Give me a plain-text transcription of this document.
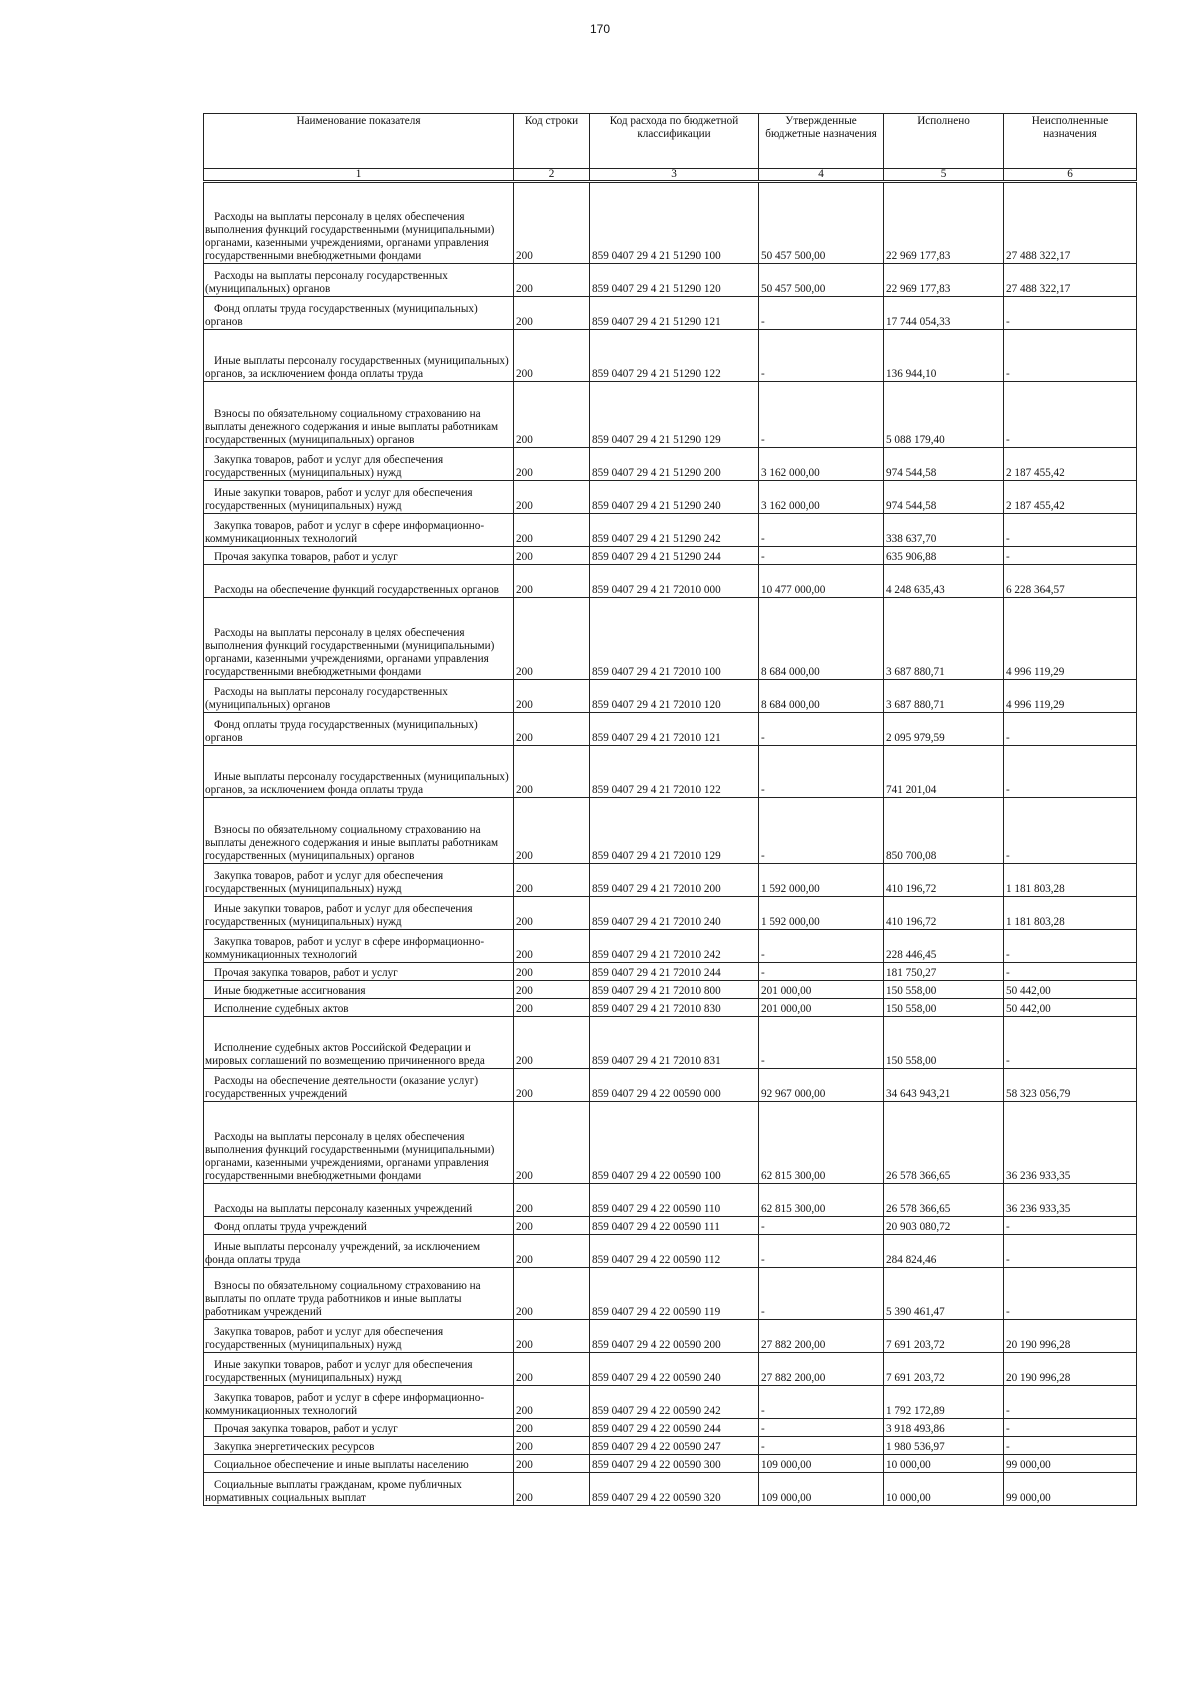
170
Наименование показателя	Код строки	Код расхода по бюджетной классификации	Утвержденные бюджетные назначения	Исполнено	Неисполненные назначения
1	2	3	4	5	6
Расходы на выплаты персоналу в целях обеспечения выполнения функций государственными (муниципальными) органами, казенными учреждениями, органами управления государственными внебюджетными фондами	200	859 0407 29 4 21 51290 100	50 457 500,00	22 969 177,83	27 488 322,17
Расходы на выплаты персоналу государственных (муниципальных) органов	200	859 0407 29 4 21 51290 120	50 457 500,00	22 969 177,83	27 488 322,17
Фонд оплаты труда государственных (муниципальных) органов	200	859 0407 29 4 21 51290 121	-	17 744 054,33	-
Иные выплаты персоналу государственных (муниципальных) органов, за исключением фонда оплаты труда	200	859 0407 29 4 21 51290 122	-	136 944,10	-
Взносы по обязательному социальному страхованию на выплаты денежного содержания и иные выплаты работникам государственных (муниципальных) органов	200	859 0407 29 4 21 51290 129	-	5 088 179,40	-
Закупка товаров, работ и услуг для обеспечения государственных (муниципальных) нужд	200	859 0407 29 4 21 51290 200	3 162 000,00	974 544,58	2 187 455,42
Иные закупки товаров, работ и услуг для обеспечения государственных (муниципальных) нужд	200	859 0407 29 4 21 51290 240	3 162 000,00	974 544,58	2 187 455,42
Закупка товаров, работ и услуг в сфере информационно-коммуникационных технологий	200	859 0407 29 4 21 51290 242	-	338 637,70	-
Прочая закупка товаров, работ и услуг	200	859 0407 29 4 21 51290 244	-	635 906,88	-
Расходы на обеспечение функций государственных органов	200	859 0407 29 4 21 72010 000	10 477 000,00	4 248 635,43	6 228 364,57
Расходы на выплаты персоналу в целях обеспечения выполнения функций государственными (муниципальными) органами, казенными учреждениями, органами управления государственными внебюджетными фондами	200	859 0407 29 4 21 72010 100	8 684 000,00	3 687 880,71	4 996 119,29
Расходы на выплаты персоналу государственных (муниципальных) органов	200	859 0407 29 4 21 72010 120	8 684 000,00	3 687 880,71	4 996 119,29
Фонд оплаты труда государственных (муниципальных) органов	200	859 0407 29 4 21 72010 121	-	2 095 979,59	-
Иные выплаты персоналу государственных (муниципальных) органов, за исключением фонда оплаты труда	200	859 0407 29 4 21 72010 122	-	741 201,04	-
Взносы по обязательному социальному страхованию на выплаты денежного содержания и иные выплаты работникам государственных (муниципальных) органов	200	859 0407 29 4 21 72010 129	-	850 700,08	-
Закупка товаров, работ и услуг для обеспечения государственных (муниципальных) нужд	200	859 0407 29 4 21 72010 200	1 592 000,00	410 196,72	1 181 803,28
Иные закупки товаров, работ и услуг для обеспечения государственных (муниципальных) нужд	200	859 0407 29 4 21 72010 240	1 592 000,00	410 196,72	1 181 803,28
Закупка товаров, работ и услуг в сфере информационно-коммуникационных технологий	200	859 0407 29 4 21 72010 242	-	228 446,45	-
Прочая закупка товаров, работ и услуг	200	859 0407 29 4 21 72010 244	-	181 750,27	-
Иные бюджетные ассигнования	200	859 0407 29 4 21 72010 800	201 000,00	150 558,00	50 442,00
Исполнение судебных актов	200	859 0407 29 4 21 72010 830	201 000,00	150 558,00	50 442,00
Исполнение судебных актов Российской Федерации и мировых соглашений по возмещению причиненного вреда	200	859 0407 29 4 21 72010 831	-	150 558,00	-
Расходы на обеспечение деятельности (оказание услуг) государственных учреждений	200	859 0407 29 4 22 00590 000	92 967 000,00	34 643 943,21	58 323 056,79
Расходы на выплаты персоналу в целях обеспечения выполнения функций государственными (муниципальными) органами, казенными учреждениями, органами управления государственными внебюджетными фондами	200	859 0407 29 4 22 00590 100	62 815 300,00	26 578 366,65	36 236 933,35
Расходы на выплаты персоналу казенных учреждений	200	859 0407 29 4 22 00590 110	62 815 300,00	26 578 366,65	36 236 933,35
Фонд оплаты труда учреждений	200	859 0407 29 4 22 00590 111	-	20 903 080,72	-
Иные выплаты персоналу учреждений, за исключением фонда оплаты труда	200	859 0407 29 4 22 00590 112	-	284 824,46	-
Взносы по обязательному социальному страхованию на выплаты по оплате труда работников и иные выплаты работникам учреждений	200	859 0407 29 4 22 00590 119	-	5 390 461,47	-
Закупка товаров, работ и услуг для обеспечения государственных (муниципальных) нужд	200	859 0407 29 4 22 00590 200	27 882 200,00	7 691 203,72	20 190 996,28
Иные закупки товаров, работ и услуг для обеспечения государственных (муниципальных) нужд	200	859 0407 29 4 22 00590 240	27 882 200,00	7 691 203,72	20 190 996,28
Закупка товаров, работ и услуг в сфере информационно-коммуникационных технологий	200	859 0407 29 4 22 00590 242	-	1 792 172,89	-
Прочая закупка товаров, работ и услуг	200	859 0407 29 4 22 00590 244	-	3 918 493,86	-
Закупка энергетических ресурсов	200	859 0407 29 4 22 00590 247	-	1 980 536,97	-
Социальное обеспечение и иные выплаты населению	200	859 0407 29 4 22 00590 300	109 000,00	10 000,00	99 000,00
Социальные выплаты гражданам, кроме публичных нормативных социальных выплат	200	859 0407 29 4 22 00590 320	109 000,00	10 000,00	99 000,00
